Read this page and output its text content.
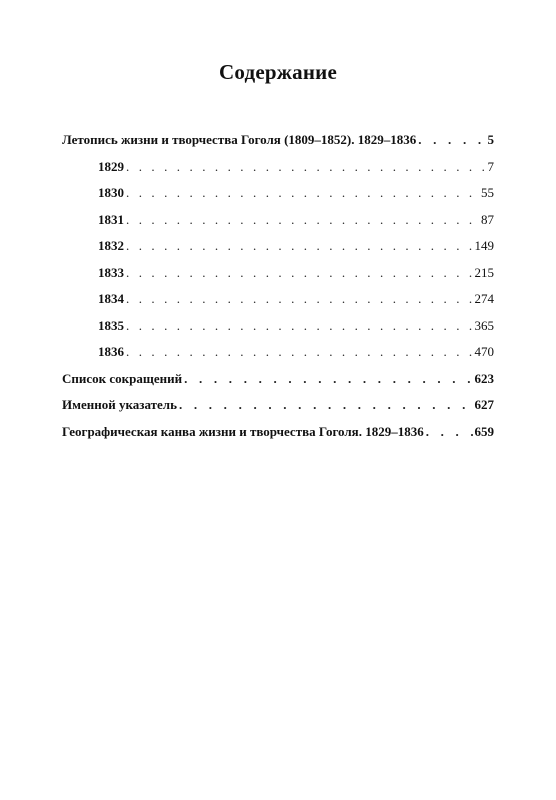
Содержание
Летопись жизни и творчества Гоголя (1809–1852). 1829–1836 . . .	5
1829 . . .	7
1830 . . .	55
1831 . . .	87
1832 . . .	149
1833 . . .	215
1834 . . .	274
1835 . . .	365
1836 . . .	470
Список сокращений . . .	623
Именной указатель . . .	627
Географическая канва жизни и творчества Гоголя. 1829–1836 . . .	659
